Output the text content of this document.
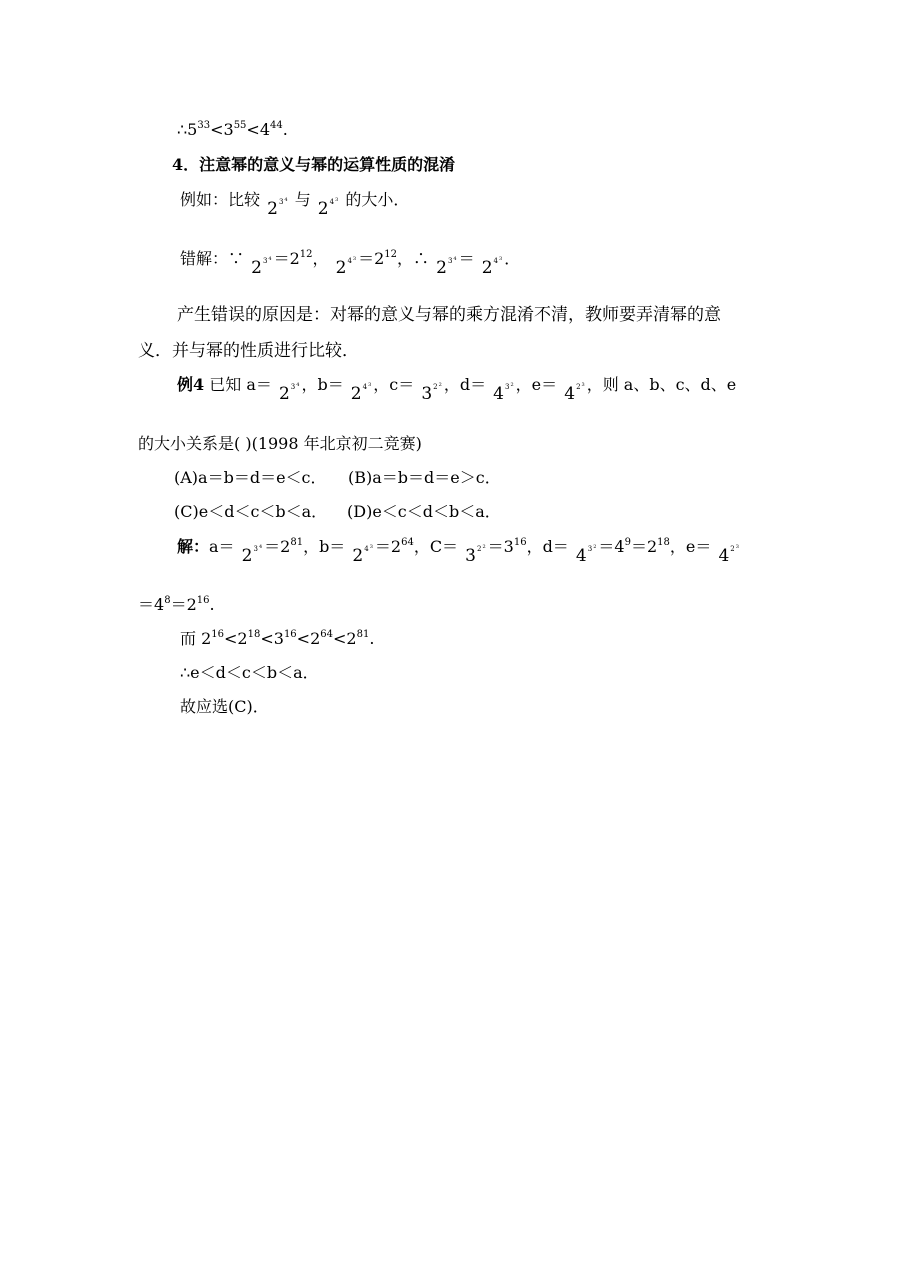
$\therefore 5^{33}<3^{55}<4^{44}$.
4．注意幂的意义与幂的运算性质的混淆
例如：比较 $23^4$ 与 $24^3$ 的大小．
错解：∵ $23^4 =2^{12}$， $24^3 =2^{12}$，∴ $23^4 = 24^3$ ．
产生错误的原因是：对幂的意义与幂的乘方混淆不清，教师要弄清幂的意
义．并与幂的性质进行比较．
例4 已知 $a= 23^4$ ，$b= 24^3$ ，$c= 32^2$ ，$d= 43^2$ ，$e= 42^3$ ，则 a、b、c、d、e
的大小关系是( )(1998 年北京初二竞赛)
(A)a＝b＝d＝e＜c． (B)a＝b＝d＝e＞c．
(C)e＜d＜c＜b＜a． (D)e＜c＜d＜b＜a．
解：$a= 23^4 =2^{81}$，$b= 24^3 =2^{64}$，$C= 32^2 =3^{16}$，$d= 43^2 =4^9=2^{18}$，$e= 42^3$
$=4^8=2^{16}$.
而 $2^{16}<2^{18}<3^{16}<2^{64}<2^{81}$.
∴e＜d＜c＜b＜a．
故应选(C)．
